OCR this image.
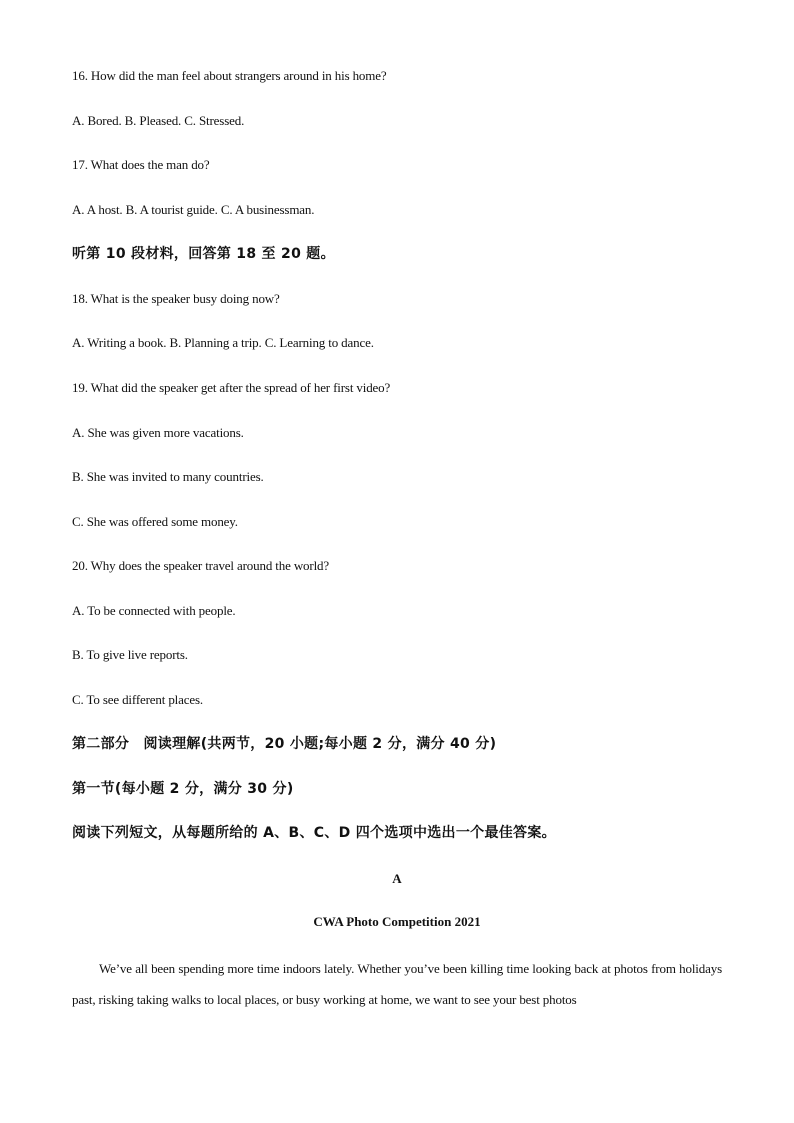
16. How did the man feel about strangers around in his home?
A. Bored. B. Pleased. C. Stressed.
17. What does the man do?
A. A host. B. A tourist guide. C. A businessman.
听第 10 段材料，回答第 18 至 20 题。
18. What is the speaker busy doing now?
A. Writing a book. B. Planning a trip. C. Learning to dance.
19. What did the speaker get after the spread of her first video?
A. She was given more vacations.
B. She was invited to many countries.
C. She was offered some money.
20. Why does the speaker travel around the world?
A. To be connected with people.
B. To give live reports.
C. To see different places.
第二部分　阅读理解(共两节，20 小题;每小题 2 分，满分 40 分)
第一节(每小题 2 分，满分 30 分)
阅读下列短文，从每题所给的 A、B、C、D 四个选项中选出一个最佳答案。
A
CWA Photo Competition 2021
We’ve all been spending more time indoors lately. Whether you’ve been killing time looking back at photos from holidays past, risking taking walks to local places, or busy working at home, we want to see your best photos
